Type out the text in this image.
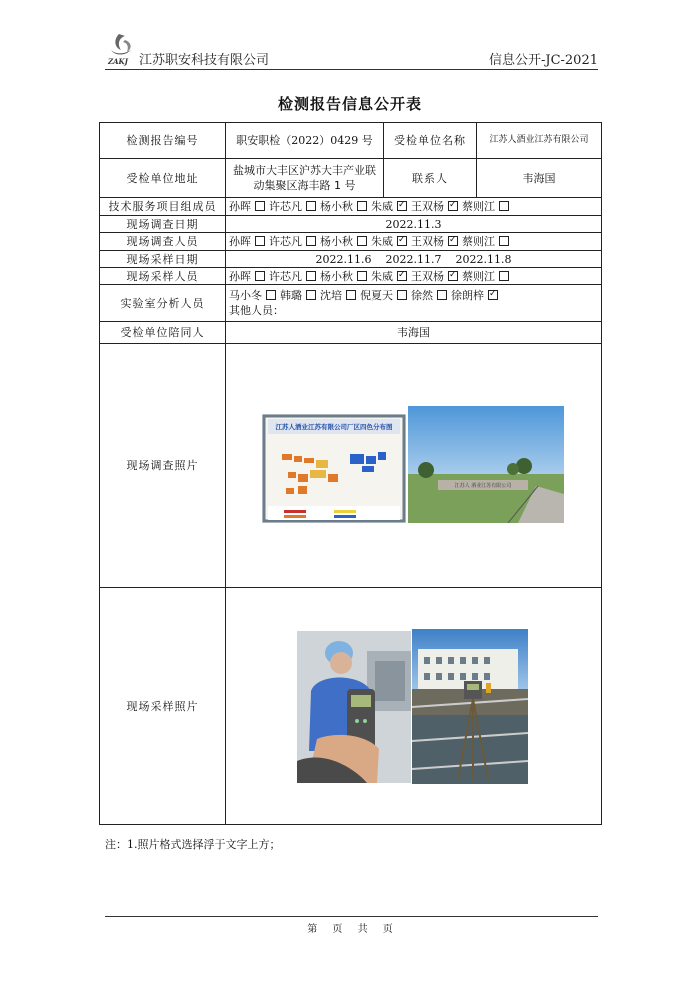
ZAKJ 江苏职安科技有限公司	信息公开-JC-2021
检测报告信息公开表
检测报告编号	职安职检（2022）0429 号	受检单位名称	江苏人酒业江苏有限公司
受检单位地址	盐城市大丰区沪苏大丰产业联动集聚区海丰路 1 号	联系人	韦海国
技术服务项目组成员	孙晖 许芯凡 杨小秋 朱威 ✓ 王双杨 ✓ 蔡则江
现场调查日期	2022.11.3		
现场调查人员	孙晖 许芯凡 杨小秋 朱威 ✓ 王双杨 ✓ 蔡则江
现场采样日期	2022.11.6    2022.11.7    2022.11.8		
现场采样人员	孙晖 许芯凡 杨小秋 朱威 ✓ 王双杨 ✓ 蔡则江
实验室分析人员	马小冬 韩璐 沈培 倪夏天 徐然 徐朗梓✓
其他人员：

受检单位陪同人	韦海国		
现场调查照片	江苏人酒业江苏有限公司厂区四色分布图
江苏人 酒业江苏有限公司		

现场采样照片	
注：1.照片格式选择浮于文字上方；
第 页 共 页
